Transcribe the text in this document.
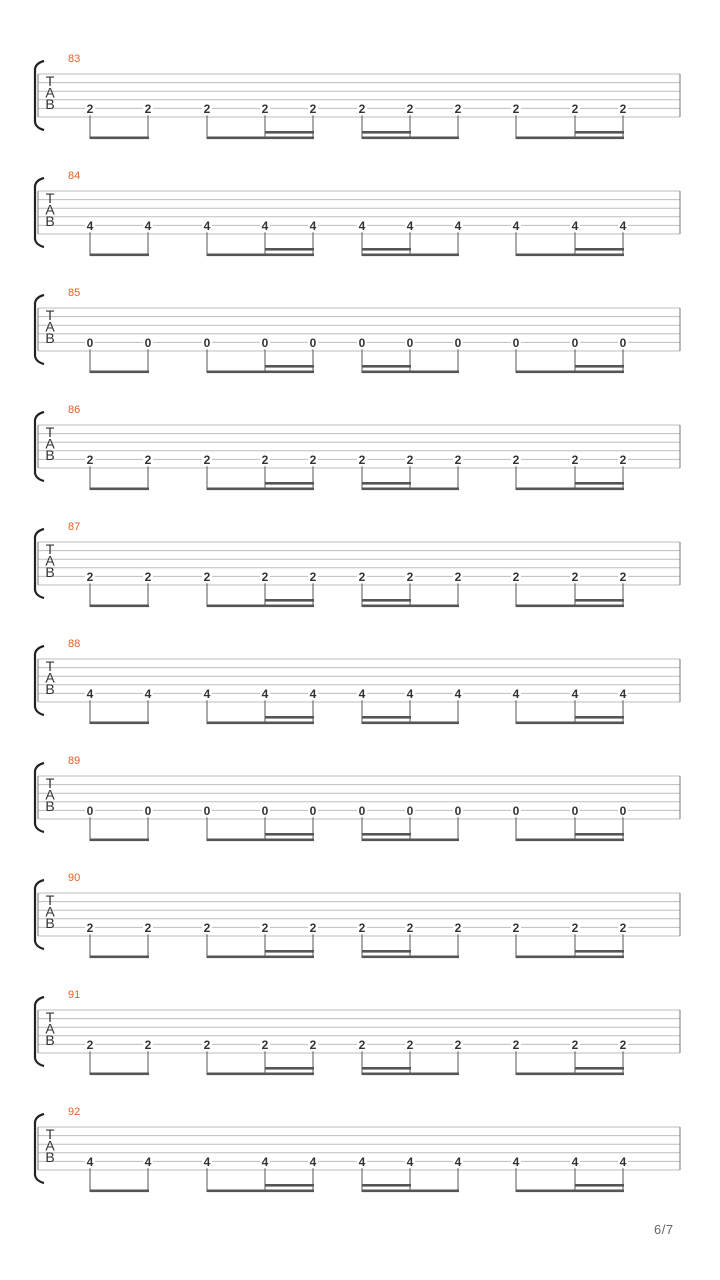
83
T
A
B	2	2	2	2	2	2	2	2	2	2	2
84
T
A
B	4	4	4	4	4	4	4	4	4	4	4
85
T
A
B	0	0	0	0	0	0	0	0	0	0	0
86
T
A
B	2	2	2	2	2	2	2	2	2	2	2
87
T
A
B	2	2	2	2	2	2	2	2	2	2	2
88
T
A
B	4	4	4	4	4	4	4	4	4	4	4
89
T
A
B	0	0	0	0	0	0	0	0	0	0	0
90
T
A
B	2	2	2	2	2	2	2	2	2	2	2
91
T
A
B	2	2	2	2	2	2	2	2	2	2	2
92
T
A
B	4	4	4	4	4	4	4	4	4	4	4
6/7
